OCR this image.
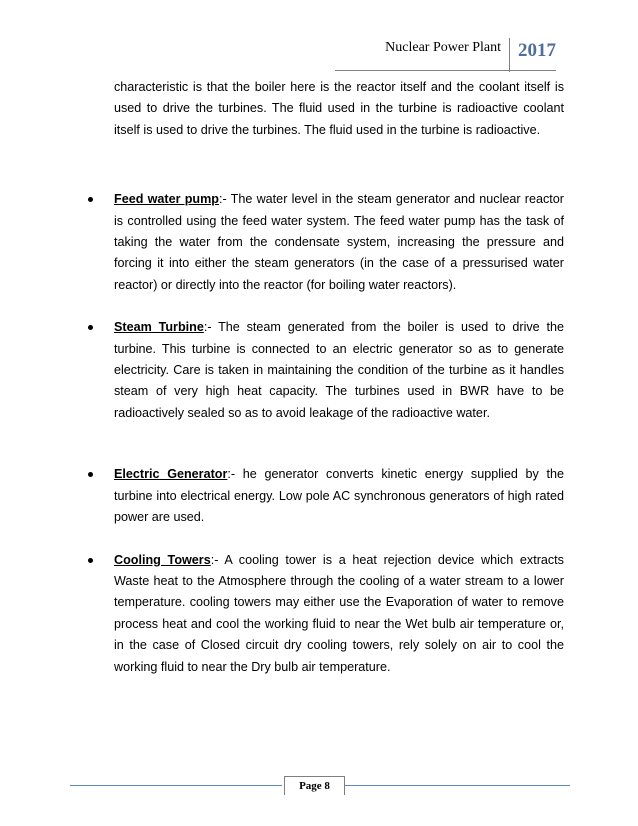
Nuclear Power Plant 2017

characteristic is that the boiler here is the reactor itself and the coolant itself is used to drive the turbines. The fluid used in the turbine is radioactive coolant itself is used to drive the turbines. The fluid used in the turbine is radioactive.

Feed water pump:- The water level in the steam generator and nuclear reactor is controlled using the feed water system. The feed water pump has the task of taking the water from the condensate system, increasing the pressure and forcing it into either the steam generators (in the case of a pressurised water reactor) or directly into the reactor (for boiling water reactors).
Steam Turbine:- The steam generated from the boiler is used to drive the turbine. This turbine is connected to an electric generator so as to generate electricity. Care is taken in maintaining the condition of the turbine as it handles steam of very high heat capacity. The turbines used in BWR have to be radioactively sealed so as to avoid leakage of the radioactive water.
Electric Generator:- he generator converts kinetic energy supplied by the turbine into electrical energy. Low pole AC synchronous generators of high rated power are used.
Cooling Towers:- A cooling tower is a heat rejection device which extracts Waste heat to the Atmosphere through the cooling of a water stream to a lower temperature. cooling towers may either use the Evaporation of water to remove process heat and cool the working fluid to near the Wet bulb air temperature or, in the case of Closed circuit dry cooling towers, rely solely on air to cool the working fluid to near the Dry bulb air temperature.
Page 8
